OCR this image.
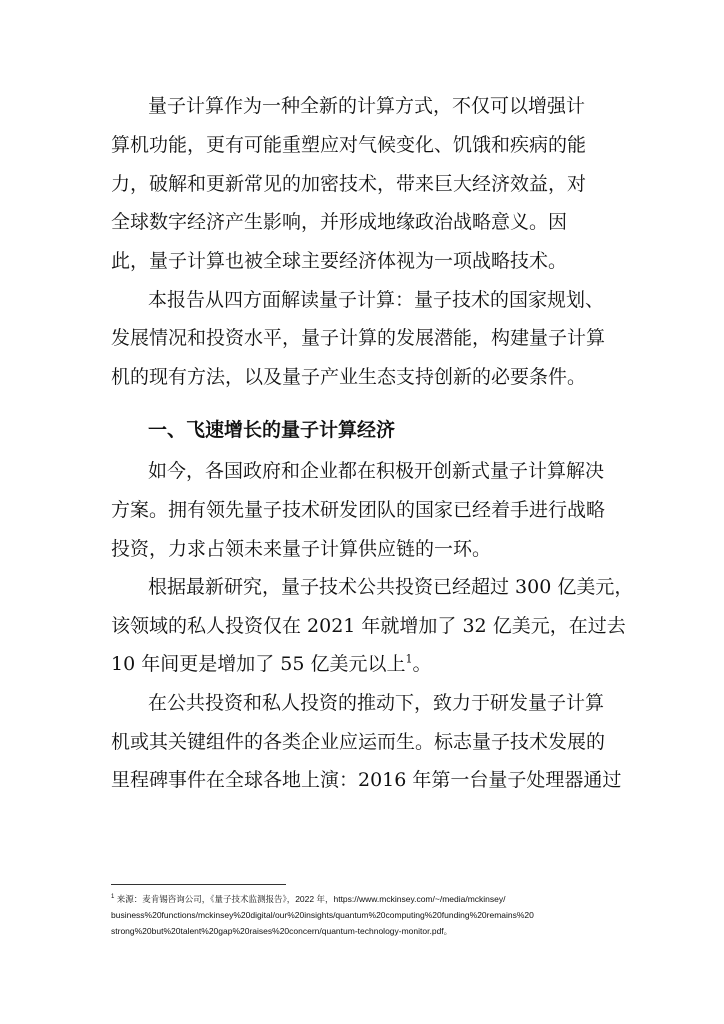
量子计算作为一种全新的计算方式，不仅可以增强计

算机功能，更有可能重塑应对气候变化、饥饿和疾病的能

力，破解和更新常见的加密技术，带来巨大经济效益，对

全球数字经济产生影响，并形成地缘政治战略意义。因

此，量子计算也被全球主要经济体视为一项战略技术。

本报告从四方面解读量子计算：量子技术的国家规划、

发展情况和投资水平，量子计算的发展潜能，构建量子计算

机的现有方法，以及量子产业生态支持创新的必要条件。

一、飞速增长的量子计算经济

如今，各国政府和企业都在积极开创新式量子计算解决

方案。拥有领先量子技术研发团队的国家已经着手进行战略

投资，力求占领未来量子计算供应链的一环。

根据最新研究，量子技术公共投资已经超过 300 亿美元，

该领域的私人投资仅在 2021 年就增加了 32 亿美元，在过去

10 年间更是增加了 55 亿美元以上$^1$。

在公共投资和私人投资的推动下，致力于研发量子计算

机或其关键组件的各类企业应运而生。标志量子技术发展的

里程碑事件在全球各地上演：2016 年第一台量子处理器通过

$^1$ 来源：麦肯锡咨询公司，《量子技术监测报告》，2022 年，https://www.mckinsey.com/~/media/mckinsey/

business%20functions/mckinsey%20digital/our%20insights/quantum%20computing%20funding%20remains%20

strong%20but%20talent%20gap%20raises%20concern/quantum-technology-monitor.pdf。
